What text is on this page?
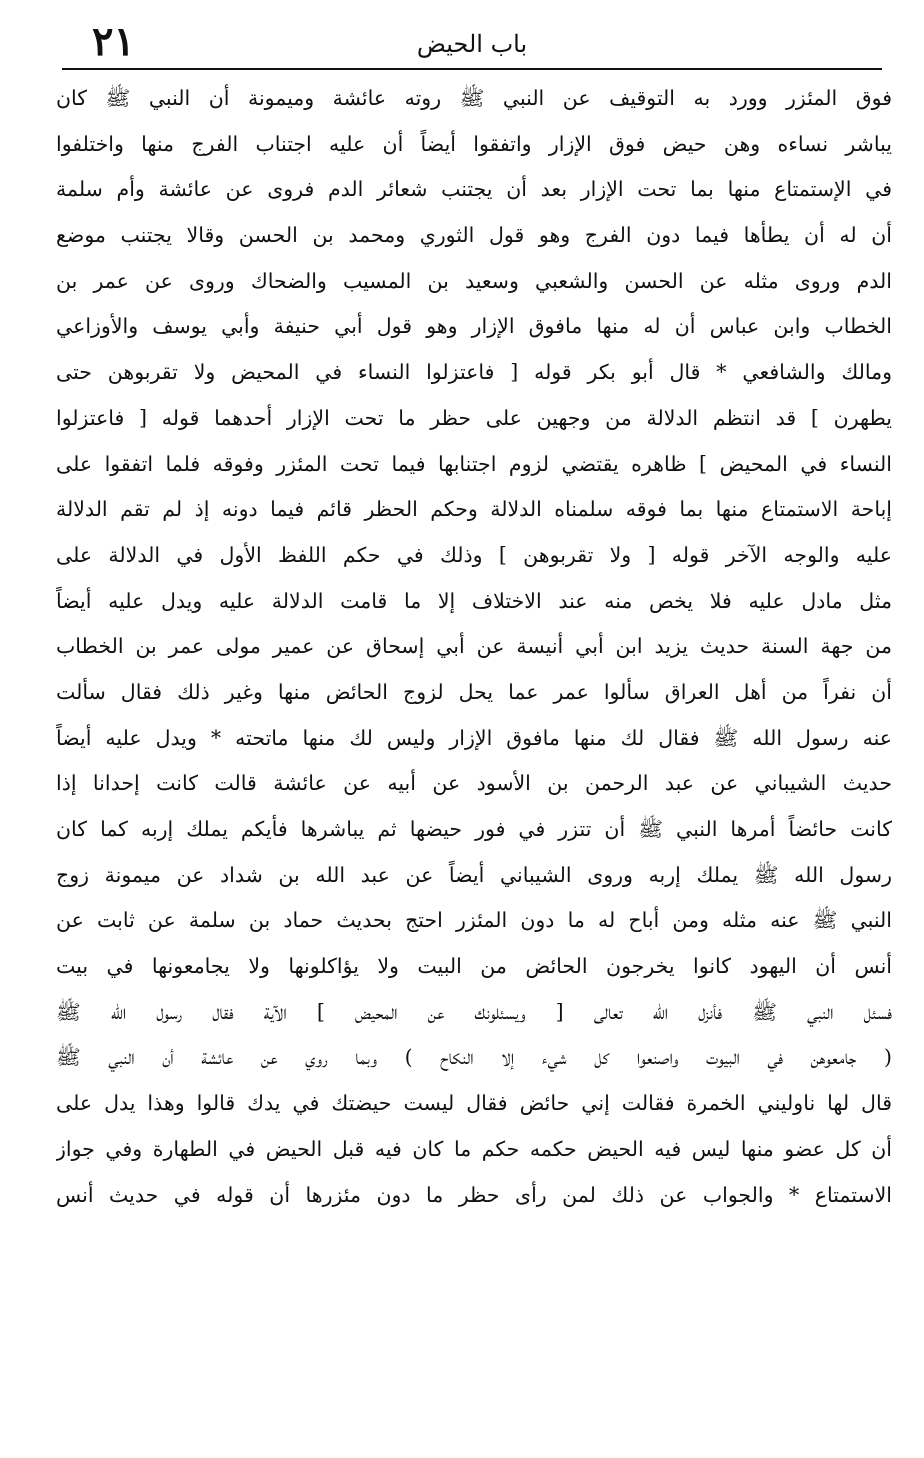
٢١	باب الحيض
فوق المئزر وورد به التوقيف عن النبي ﷺ روته عائشة وميمونة أن النبي ﷺ كان
يباشر نساءه وهن حيض فوق الإزار واتفقوا أيضاً أن عليه اجتناب الفرج منها واختلفوا
في الإستمتاع منها بما تحت الإزار بعد أن يجتنب شعائر الدم فروى عن عائشة وأم سلمة
أن له أن يطأها فيما دون الفرج وهو قول الثوري ومحمد بن الحسن وقالا يجتنب موضع
الدم وروى مثله عن الحسن والشعبي وسعيد بن المسيب والضحاك وروى عن عمر بن
الخطاب وابن عباس أن له منها مافوق الإزار وهو قول أبي حنيفة وأبي يوسف والأوزاعي
ومالك والشافعي * قال أبو بكر قوله [ فاعتزلوا النساء في المحيض ولا تقربوهن حتى
يطهرن ] قد انتظم الدلالة من وجهين على حظر ما تحت الإزار أحدهما قوله [ فاعتزلوا
النساء في المحيض ] ظاهره يقتضي لزوم اجتنابها فيما تحت المئزر وفوقه فلما اتفقوا على
إباحة الاستمتاع منها بما فوقه سلمناه الدلالة وحكم الحظر قائم فيما دونه إذ لم تقم الدلالة
عليه والوجه الآخر قوله [ ولا تقربوهن ] وذلك في حكم اللفظ الأول في الدلالة على
مثل مادل عليه فلا يخص منه عند الاختلاف إلا ما قامت الدلالة عليه ويدل عليه أيضاً
من جهة السنة حديث يزيد ابن أبي أنيسة عن أبي إسحاق عن عمير مولى عمر بن الخطاب
أن نفراً من أهل العراق سألوا عمر عما يحل لزوج الحائض منها وغير ذلك فقال سألت
عنه رسول الله ﷺ فقال لك منها مافوق الإزار وليس لك منها ماتحته * ويدل عليه أيضاً
حديث الشيباني عن عبد الرحمن بن الأسود عن أبيه عن عائشة قالت كانت إحدانا إذا
كانت حائضاً أمرها النبي ﷺ أن تتزر في فور حيضها ثم يباشرها فأيكم يملك إربه كما كان
رسول الله ﷺ يملك إربه وروى الشيباني أيضاً عن عبد الله بن شداد عن ميمونة زوج
النبي ﷺ عنه مثله ومن أباح له ما دون المئزر احتج بحديث حماد بن سلمة عن ثابت عن
أنس أن اليهود كانوا يخرجون الحائض من البيت ولا يؤاكلونها ولا يجامعونها في بيت
فسئل النبي ﷺ فأنزل الله تعالى [ ويسئلونك عن المحيض ] الآية فقال رسول الله ﷺ
( جامعوهن في البيوت واصنعوا كل شيء إلا النكاح ) وبما روي عن عائشة أن النبي ﷺ
قال لها ناوليني الخمرة فقالت إني حائض فقال ليست حيضتك في يدك قالوا وهذا يدل على
أن كل عضو منها ليس فيه الحيض حكمه حكم ما كان فيه قبل الحيض في الطهارة وفي جواز
الاستمتاع * والجواب عن ذلك لمن رأى حظر ما دون مئزرها أن قوله في حديث أنس
